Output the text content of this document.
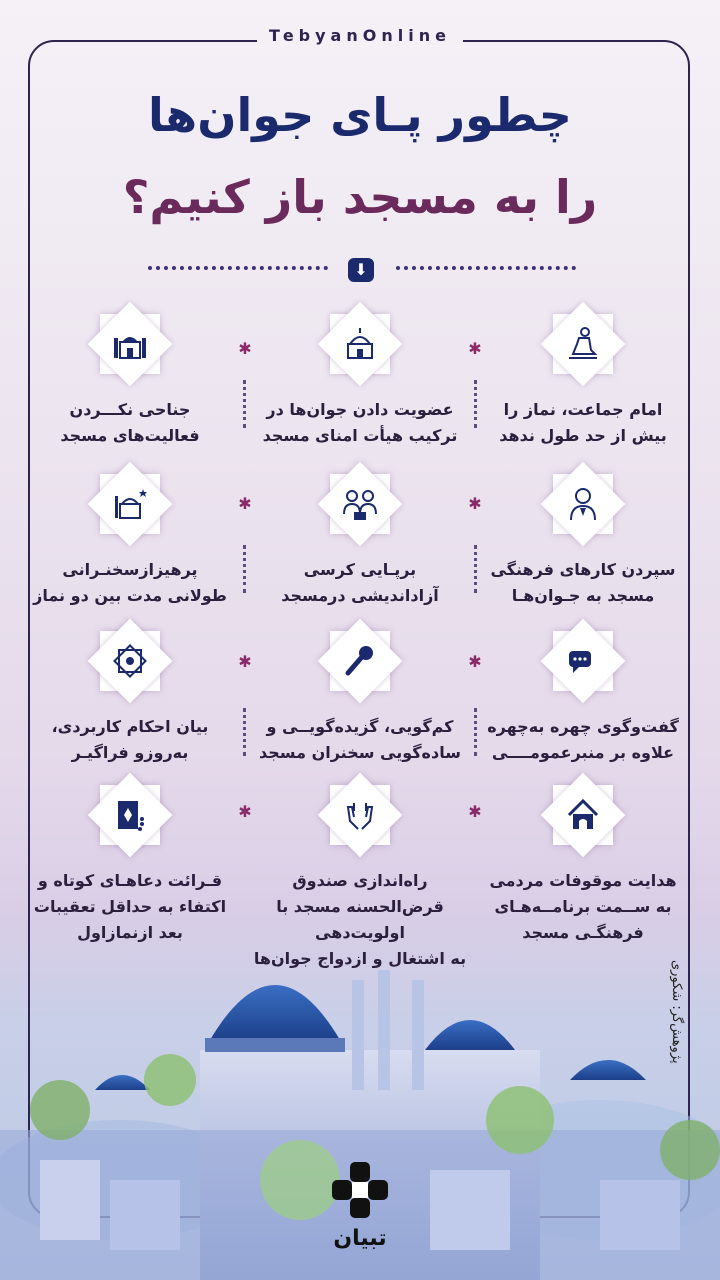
TebyanOnline
چطور پـای جوان‌ها
را به مسجد باز کنیم؟
⬇
امام جماعت، نماز را
بیش از حد طول ندهد
عضویت دادن جوان‌ها در
ترکیب هیأت امنای مسجد
جناحی نکـــردن
فعالیت‌های مسجد
سپردن کارهای فرهنگی
مسجد به جـوان‌هـا
برپـایی کرسی
آزاداندیشی درمسجد
پرهیزازسخنـرانی
طولانی مدت بین دو نماز
گفت‌وگوی چهره به‌چهره
علاوه بر منبرعمومــــی
کم‌گویی، گزیده‌گویــی و
ساده‌گویی سخنران مسجد
بیان احکام کاربردی،
به‌روزو فراگیـر
هدایت موقوفات مردمی
به ســمت برنامــه‌هـای
فرهنگـی مسجد
راه‌اندازی صندوق
قرض‌الحسنه مسجد با اولویت‌دهی
به اشتغال و ازدواج جوان‌ها
قـرائت دعاهـای کوتاه و
اکتفاء به حداقل تعقیبات
بعد ازنمازاول
✱
✱
✱
✱
✱
✱
✱
✱
پژوهش‌گر: شکوری
تبیان
